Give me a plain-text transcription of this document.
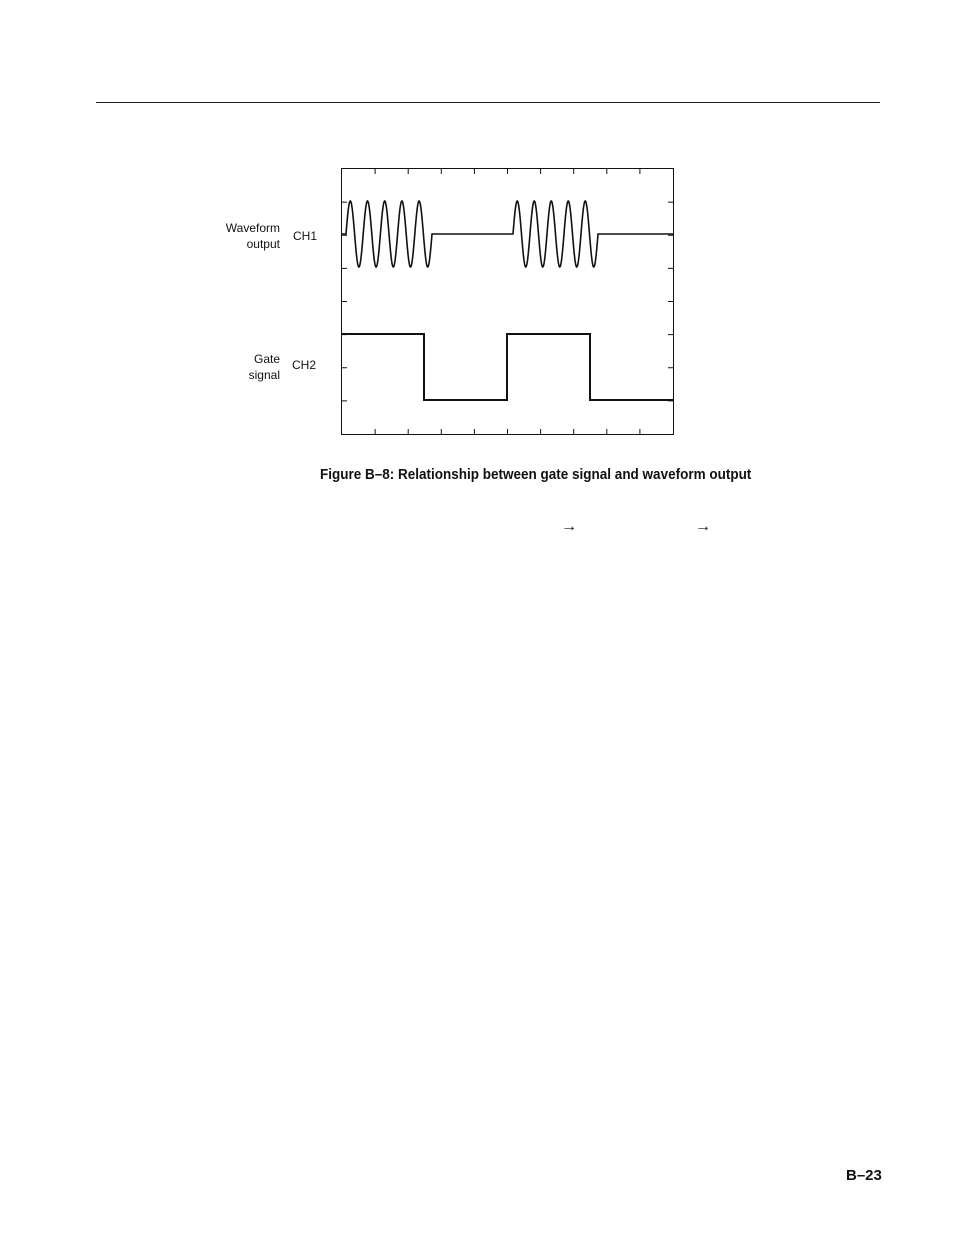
Waveform
output
CH1
Gate
signal
CH2
Figure B–8: Relationship between gate signal and waveform output
→	→
B–23
